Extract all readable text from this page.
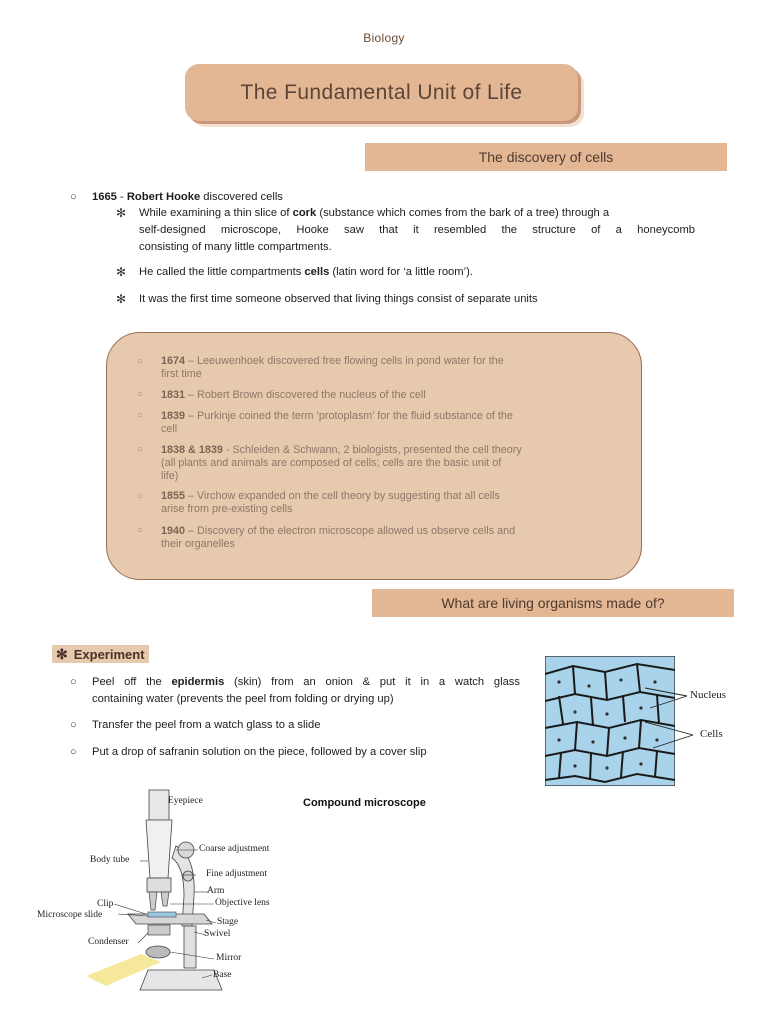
Biology
The Fundamental Unit of Life
The discovery of cells
○ 1665 - Robert Hooke discovered cells
✻ While examining a thin slice of cork (substance which comes from the bark of a tree) through a
self-designed microscope, Hooke saw that it resembled the structure of a honeycomb
consisting of many little compartments.
✻ He called the little compartments cells (latin word for ‘a little room’).
✻ It was the first time someone observed that living things consist of separate units
○ 1674 – Leeuwenhoek discovered free flowing cells in pond water for the
first time
○ 1831 – Robert Brown discovered the nucleus of the cell
○ 1839 – Purkinje coined the term ‘protoplasm’ for the fluid substance of the
cell
○ 1838 & 1839 - Schleiden & Schwann, 2 biologists, presented the cell theory
(all plants and animals are composed of cells; cells are the basic unit of
life)
○ 1855 – Virchow expanded on the cell theory by suggesting that all cells
arise from pre-existing cells
○ 1940 – Discovery of the electron microscope allowed us observe cells and
their organelles
What are living organisms made of?
✻ Experiment
○ Peel off the epidermis (skin) from an onion & put it in a watch glass
containing water (prevents the peel from folding or drying up)
○ Transfer the peel from a watch glass to a slide
○ Put a drop of safranin solution on the piece, followed by a cover slip
Nucleus
Cells
Compound microscope
Eyepiece
Coarse adjustment
Body tube
Fine adjustment
Arm
Clip	Objective lens
Microscope slide
Stage
Swivel
Condenser
Mirror
Base
